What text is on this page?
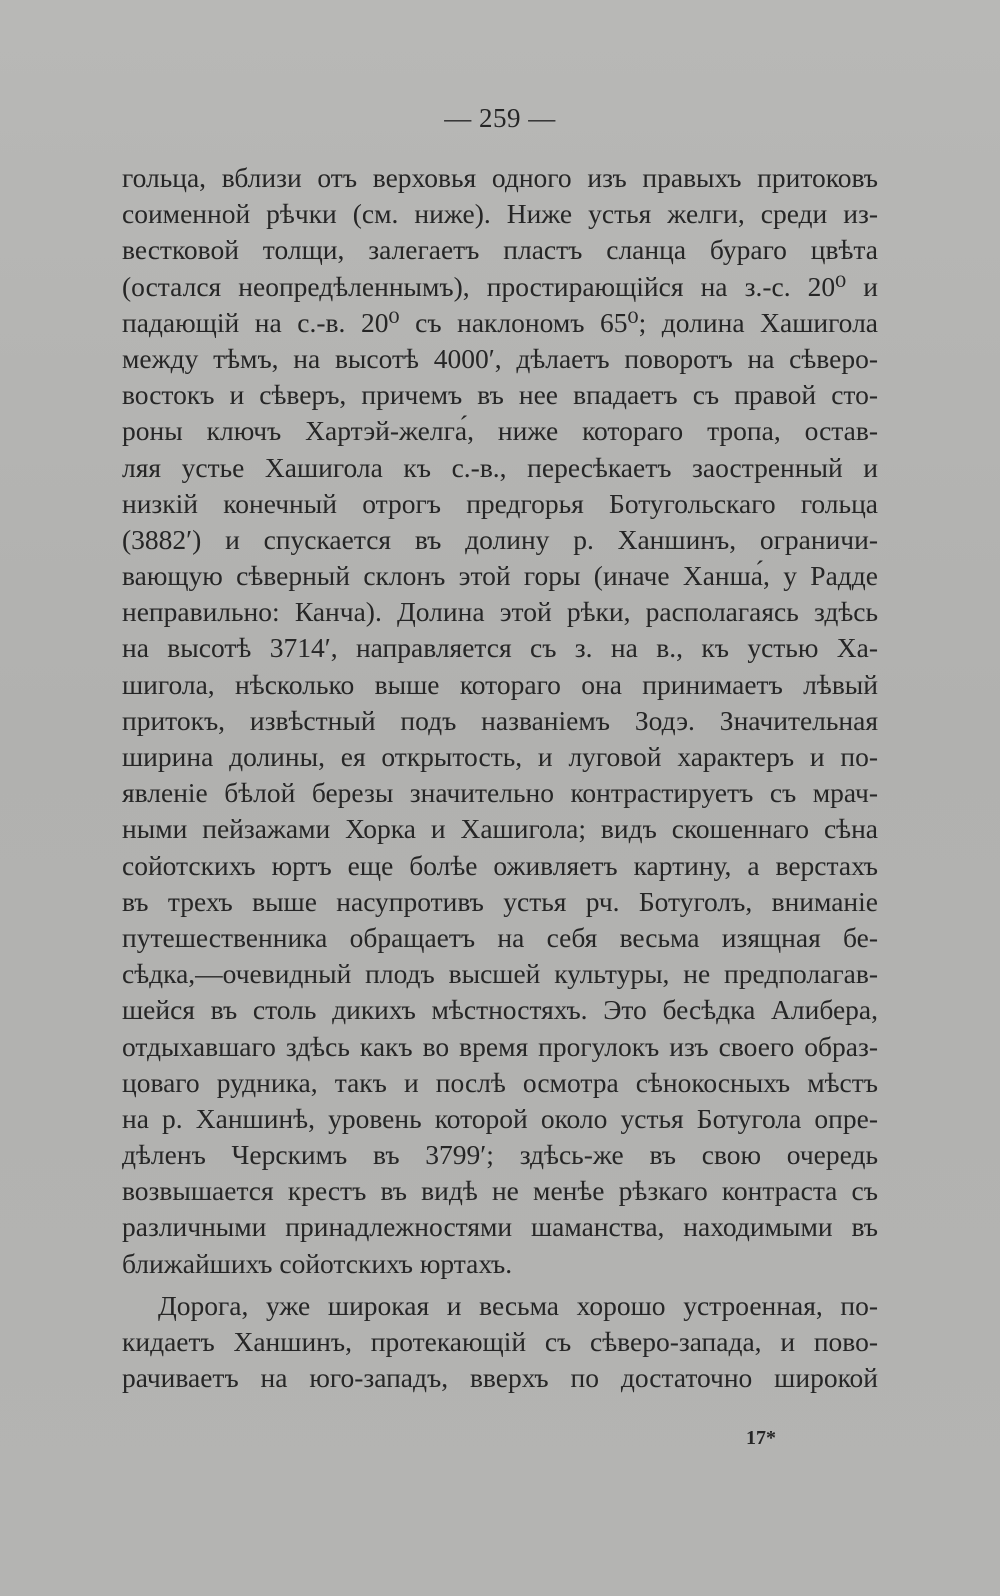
— 259 —
гольца, вблизи отъ верховья одного изъ правыхъ притоковъ
соименной рѣчки (см. ниже). Ниже устья желги, среди из-
вестковой толщи, залегаетъ пластъ сланца бураго цвѣта
(остался неопредѣленнымъ), простирающійся на з.-с. 20⁰ и
падающій на с.-в. 20⁰ съ наклономъ 65⁰; долина Хашигола
между тѣмъ, на высотѣ 4000′, дѣлаетъ поворотъ на сѣверо-
востокъ и сѣверъ, причемъ въ нее впадаетъ съ правой сто-
роны ключъ Хартэй-желга́, ниже котораго тропа, остав-
ляя устье Хашигола къ с.-в., пересѣкаетъ заостренный и
низкій конечный отрогъ предгорья Ботугольскаго гольца
(3882′) и спускается въ долину р. Ханшинъ, ограничи-
вающую сѣверный склонъ этой горы (иначе Ханша́, у Радде
неправильно: Канча). Долина этой рѣки, располагаясь здѣсь
на высотѣ 3714′, направляется съ з. на в., къ устью Ха-
шигола, нѣсколько выше котораго она принимаетъ лѣвый
притокъ, извѣстный подъ названіемъ Зодэ. Значительная
ширина долины, ея открытость, и луговой характеръ и по-
явленіе бѣлой березы значительно контрастируетъ съ мрач-
ными пейзажами Хорка и Хашигола; видъ скошеннаго сѣна
сойотскихъ юртъ еще болѣе оживляетъ картину, а верстахъ
въ трехъ выше насупротивъ устья рч. Ботуголъ, вниманіе
путешественника обращаетъ на себя весьма изящная бе-
сѣдка,—очевидный плодъ высшей культуры, не предполагав-
шейся въ столь дикихъ мѣстностяхъ. Это бесѣдка Алибера,
отдыхавшаго здѣсь какъ во время прогулокъ изъ своего образ-
цоваго рудника, такъ и послѣ осмотра сѣнокосныхъ мѣстъ
на р. Ханшинѣ, уровень которой около устья Ботугола опре-
дѣленъ Черскимъ въ 3799′; здѣсь-же въ свою очередь
возвышается крестъ въ видѣ не менѣе рѣзкаго контраста съ
различными принадлежностями шаманства, находимыми въ
ближайшихъ сойотскихъ юртахъ.
Дорога, уже широкая и весьма хорошо устроенная, по-
кидаетъ Ханшинъ, протекающій съ сѣверо-запада, и пово-
рачиваетъ на юго-западъ, вверхъ по достаточно широкой
17*
